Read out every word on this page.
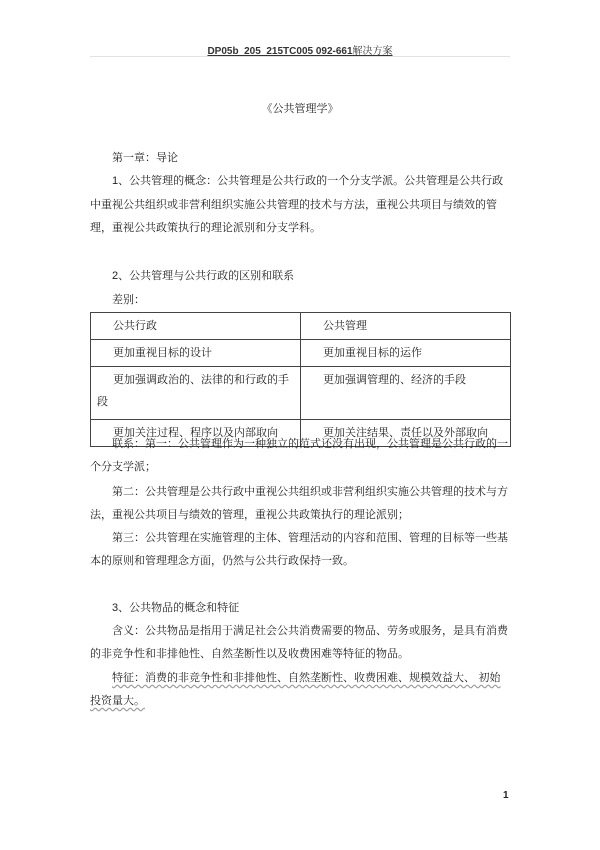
DP05b_205_215TC005 092-661解决方案
《公共管理学》

第一章：导论

1、公共管理的概念：公共管理是公共行政的一个分支学派。公共管理是公共行政中重视公共组织或非营利组织实施公共管理的技术与方法，重视公共项目与绩效的管理，重视公共政策执行的理论派别和分支学科。

2、公共管理与公共行政的区别和联系

差别：

公共行政	公共管理
更加重视目标的设计	更加重视目标的运作
更加强调政治的、法律的和行政的手段	更加强调管理的、经济的手段
更加关注过程、程序以及内部取向	更加关注结果、责任以及外部取向

联系：第一：公共管理作为一种独立的范式还没有出现，公共管理是公共行政的一个分支学派；

第二：公共管理是公共行政中重视公共组织或非营利组织实施公共管理的技术与方法，重视公共项目与绩效的管理，重视公共政策执行的理论派别；

第三：公共管理在实施管理的主体、管理活动的内容和范围、管理的目标等一些基本的原则和管理理念方面，仍然与公共行政保持一致。

3、公共物品的概念和特征

含义：公共物品是指用于满足社会公共消费需要的物品、劳务或服务，是具有消费的非竞争性和非排他性、自然垄断性以及收费困难等特征的物品。

特征：消费的非竞争性和非排他性、自然垄断性、收费困难、规模效益大、 初始投资量大。

1
